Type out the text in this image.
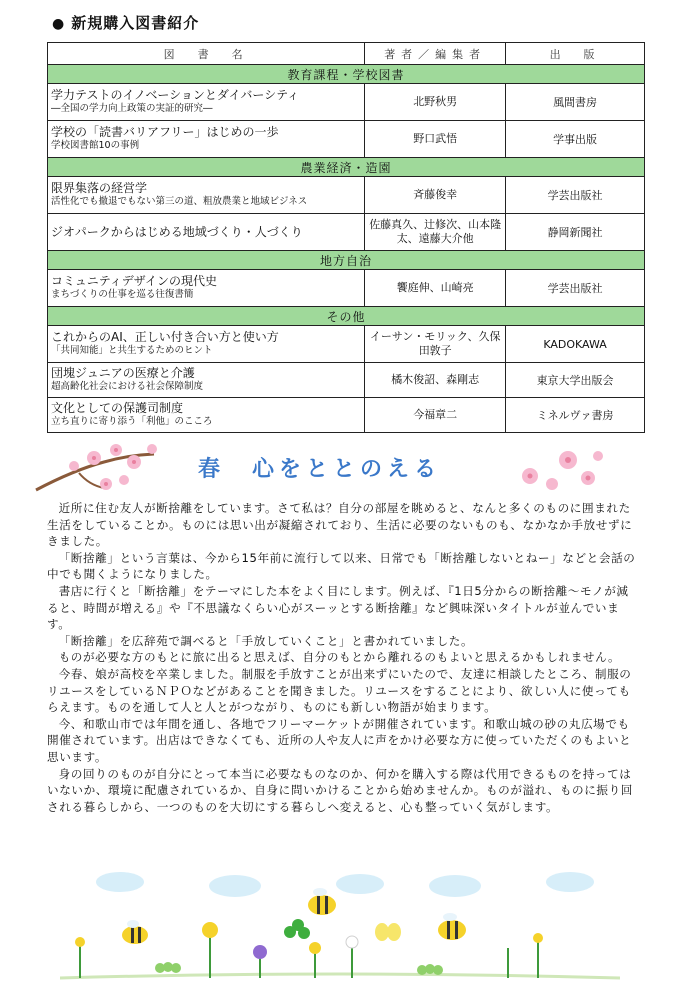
● 新規購入図書紹介
図　書　名	著者／編集者	出　版
教育課程・学校図書		

学力テストのイノベーションとダイバーシティ
―全国の学力向上政策の実証的研究―	北野秋男	風間書房

学校の「読書バリアフリー」はじめの一歩
学校図書館10の事例	野口武悟	学事出版
農業経済・造園		

限界集落の経営学
活性化でも撤退でもない第三の道、粗放農業と地域ビジネス	斉藤俊幸	学芸出版社

ジオパークからはじめる地域づくり・人づくり	佐藤真久、辻修次、山本隆太、遠藤大介他	静岡新聞社
地方自治		

コミュニティデザインの現代史
まちづくりの仕事を巡る往復書簡	饗庭伸、山崎亮	学芸出版社
その他		

これからのAI、正しい付き合い方と使い方
「共同知能」と共生するためのヒント	イーサン・モリック、久保田敦子	KADOKAWA

団塊ジュニアの医療と介護
超高齢化社会における社会保障制度	橘木俊詔、森剛志	東京大学出版会

文化としての保護司制度
立ち直りに寄り添う「利他」のこころ	今福章二	ミネルヴァ書房
春　心をととのえる

近所に住む友人が断捨離をしています。さて私は？自分の部屋を眺めると、なんと多くのものに囲まれた生活をしていることか。ものには思い出が凝縮されており、生活に必要のないものも、なかなか手放せずにきました。

「断捨離」という言葉は、今から15年前に流行して以来、日常でも「断捨離しないとねー」などと会話の中でも聞くようになりました。

書店に行くと「断捨離」をテーマにした本をよく目にします。例えば、『1日5分からの断捨離～モノが減ると、時間が増える』や『不思議なくらい心がスーッとする断捨離』など興味深いタイトルが並んでいます。

「断捨離」を広辞苑で調べると「手放していくこと」と書かれていました。

ものが必要な方のもとに旅に出ると思えば、自分のもとから離れるのもよいと思えるかもしれません。

今春、娘が高校を卒業しました。制服を手放すことが出来ずにいたので、友達に相談したところ、制服のリユースをしているＮＰＯなどがあることを聞きました。リユースをすることにより、欲しい人に使ってもらえます。ものを通して人と人とがつながり、ものにも新しい物語が始まります。

今、和歌山市では年間を通し、各地でフリーマーケットが開催されています。和歌山城の砂の丸広場でも開催されています。出店はできなくても、近所の人や友人に声をかけ必要な方に使っていただくのもよいと思います。

身の回りのものが自分にとって本当に必要なものなのか、何かを購入する際は代用できるものを持ってはいないか、環境に配慮されているか、自身に問いかけることから始めませんか。ものが溢れ、ものに振り回される暮らしから、一つのものを大切にする暮らしへ変えると、心も整っていく気がします。
